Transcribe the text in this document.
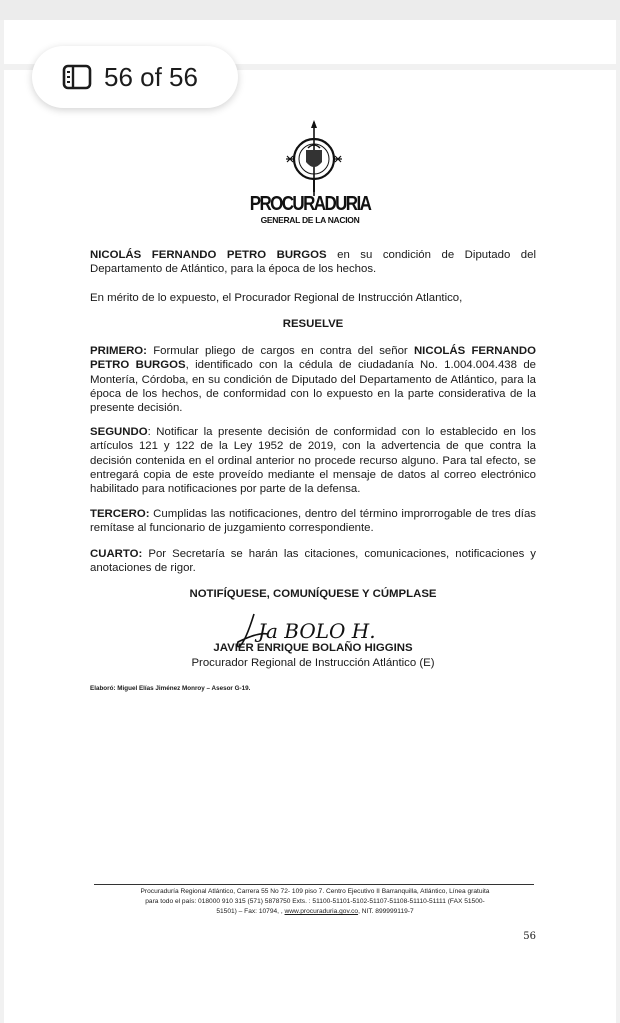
56 of 56
PROCURADURIA
GENERAL DE LA NACION

NICOLÁS FERNANDO PETRO BURGOS en su condición de Diputado del Departamento de Atlántico, para la época de los hechos.

En mérito de lo expuesto, el Procurador Regional de Instrucción Atlantico,

RESUELVE

PRIMERO: Formular pliego de cargos en contra del señor NICOLÁS FERNANDO PETRO BURGOS, identificado con la cédula de ciudadanía No. 1.004.004.438 de Montería, Córdoba, en su condición de Diputado del Departamento de Atlántico, para la época de los hechos, de conformidad con lo expuesto en la parte considerativa de la presente decisión.

SEGUNDO: Notificar la presente decisión de conformidad con lo establecido en los artículos 121 y 122 de la Ley 1952 de 2019, con la advertencia de que contra la decisión contenida en el ordinal anterior no procede recurso alguno. Para tal efecto, se entregará copia de este proveído mediante el mensaje de datos al correo electrónico habilitado para notificaciones por parte de la defensa.

TERCERO: Cumplidas las notificaciones, dentro del término improrrogable de tres días remítase al funcionario de juzgamiento correspondiente.

CUARTO: Por Secretaría se harán las citaciones, comunicaciones, notificaciones y anotaciones de rigor.

NOTIFÍQUESE, COMUNÍQUESE Y CÚMPLASE
Ja BOLO H.
JAVIER ENRIQUE BOLAÑO HIGGINS
Procurador Regional de Instrucción Atlántico (E)
Elaboró: Miguel Elías Jiménez Monroy – Asesor G-19.
Procuraduría Regional Atlántico, Carrera 55 No 72- 109 piso 7. Centro Ejecutivo II Barranquilla, Atlántico, Línea gratuita
para todo el país: 018000 910 315 (571) 5878750 Exts. : 51100-51101-5102-51107-51108-51110-51111 (FAX 51500-
51501) – Fax: 10794, , www.procuraduria.gov.co, NIT. 899999119-7
56
